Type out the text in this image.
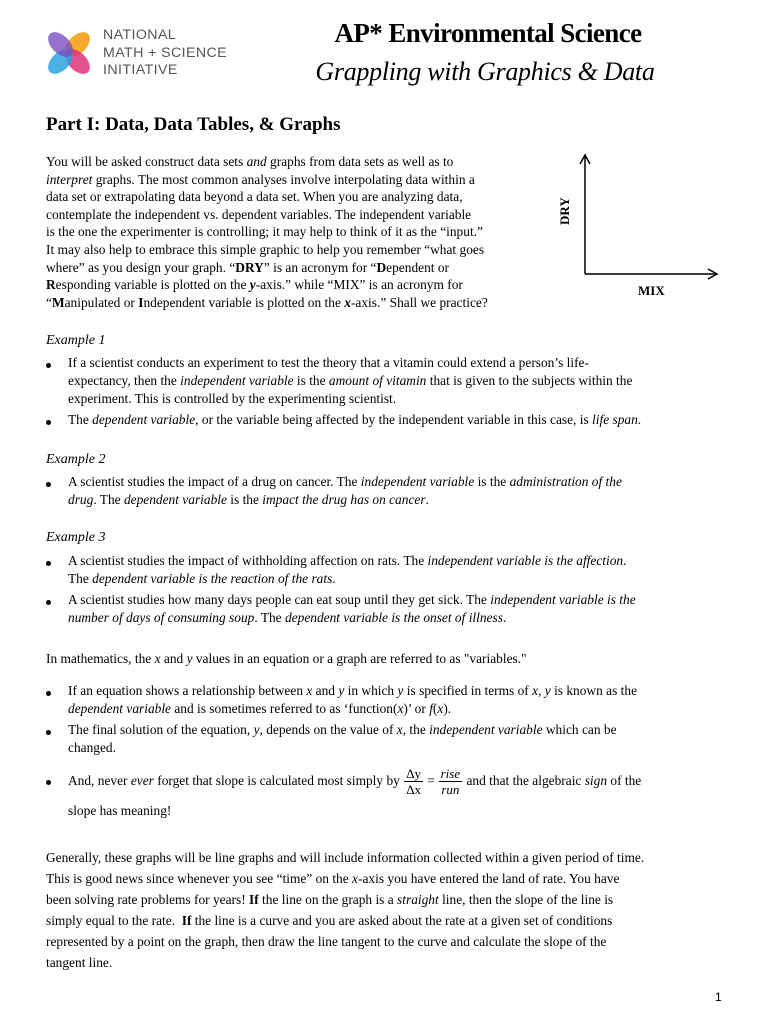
NATIONAL
MATH + SCIENCE
INITIATIVE
AP* Environmental Science
Grappling with Graphics & Data
Part I: Data, Data Tables, & Graphs
You will be asked construct data sets and graphs from data sets as well as to
interpret graphs. The most common analyses involve interpolating data within a
data set or extrapolating data beyond a data set. When you are analyzing data,
contemplate the independent vs. dependent variables. The independent variable
is the one the experimenter is controlling; it may help to think of it as the “input.”
It may also help to embrace this simple graphic to help you remember “what goes
where” as you design your graph. “DRY” is an acronym for “Dependent or
Responding variable is plotted on the y-axis.” while “MIX” is an acronym for
“Manipulated or Independent variable is plotted on the x-axis.” Shall we practice?
DRY
MIX
Example 1
If a scientist conducts an experiment to test the theory that a vitamin could extend a person’s life-
expectancy, then the independent variable is the amount of vitamin that is given to the subjects within the
experiment. This is controlled by the experimenting scientist.
The dependent variable, or the variable being affected by the independent variable in this case, is life span.
Example 2
A scientist studies the impact of a drug on cancer. The independent variable is the administration of the
drug. The dependent variable is the impact the drug has on cancer.
Example 3
A scientist studies the impact of withholding affection on rats. The independent variable is the affection.
The dependent variable is the reaction of the rats.
A scientist studies how many days people can eat soup until they get sick. The independent variable is the
number of days of consuming soup. The dependent variable is the onset of illness.
In mathematics, the x and y values in an equation or a graph are referred to as "variables."
If an equation shows a relationship between x and y in which y is specified in terms of x, y is known as the
dependent variable and is sometimes referred to as ‘function(x)’ or f(x).
The final solution of the equation, y, depends on the value of x, the independent variable which can be
changed.
And, never ever forget that slope is calculated most simply by $\frac{\Delta y}{\Delta x} = \frac{\text{rise}}{\text{run}}$ and that the algebraic sign of the
slope has meaning!
Generally, these graphs will be line graphs and will include information collected within a given period of time.
This is good news since whenever you see “time” on the x-axis you have entered the land of rate. You have
been solving rate problems for years! If the line on the graph is a straight line, then the slope of the line is
simply equal to the rate.  If the line is a curve and you are asked about the rate at a given set of conditions
represented by a point on the graph, then draw the line tangent to the curve and calculate the slope of the
tangent line.
1
